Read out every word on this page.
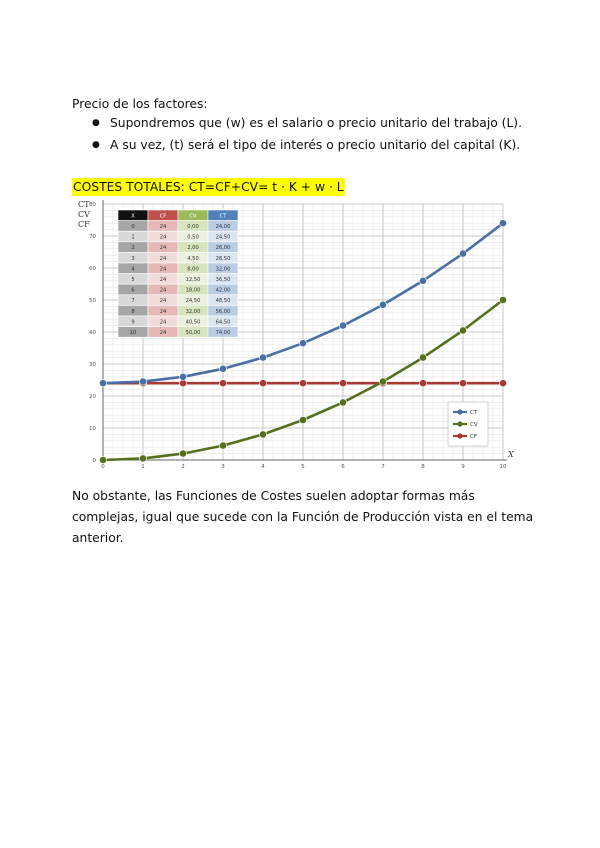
Precio de los factores:
● Supondremos que (w) es el salario o precio unitario del trabajo (L).
● A su vez, (t) será el tipo de interés o precio unitario del capital (K).
COSTES TOTALES: CT=CF+CV= t · K + w · L
0
10
20
30
40
50
60
70
80
0	1	2	3	4	5	6	7	8	9	10
CT
CV
CF
X
X	CF	CV	CT
0	24	0,00	24,00
1	24	0,50	24,50
2	24	2,00	26,00
3	24	4,50	28,50
4	24	8,00	32,00
5	24	12,50	36,50
6	24	18,00	42,00
7	24	24,50	48,50
8	24	32,00	56,00
9	24	40,50	64,50
10	24	50,00	74,00
CT
CV
CF
No obstante, las Funciones de Costes suelen adoptar formas más complejas, igual que sucede con la Función de Producción vista en el tema anterior.
